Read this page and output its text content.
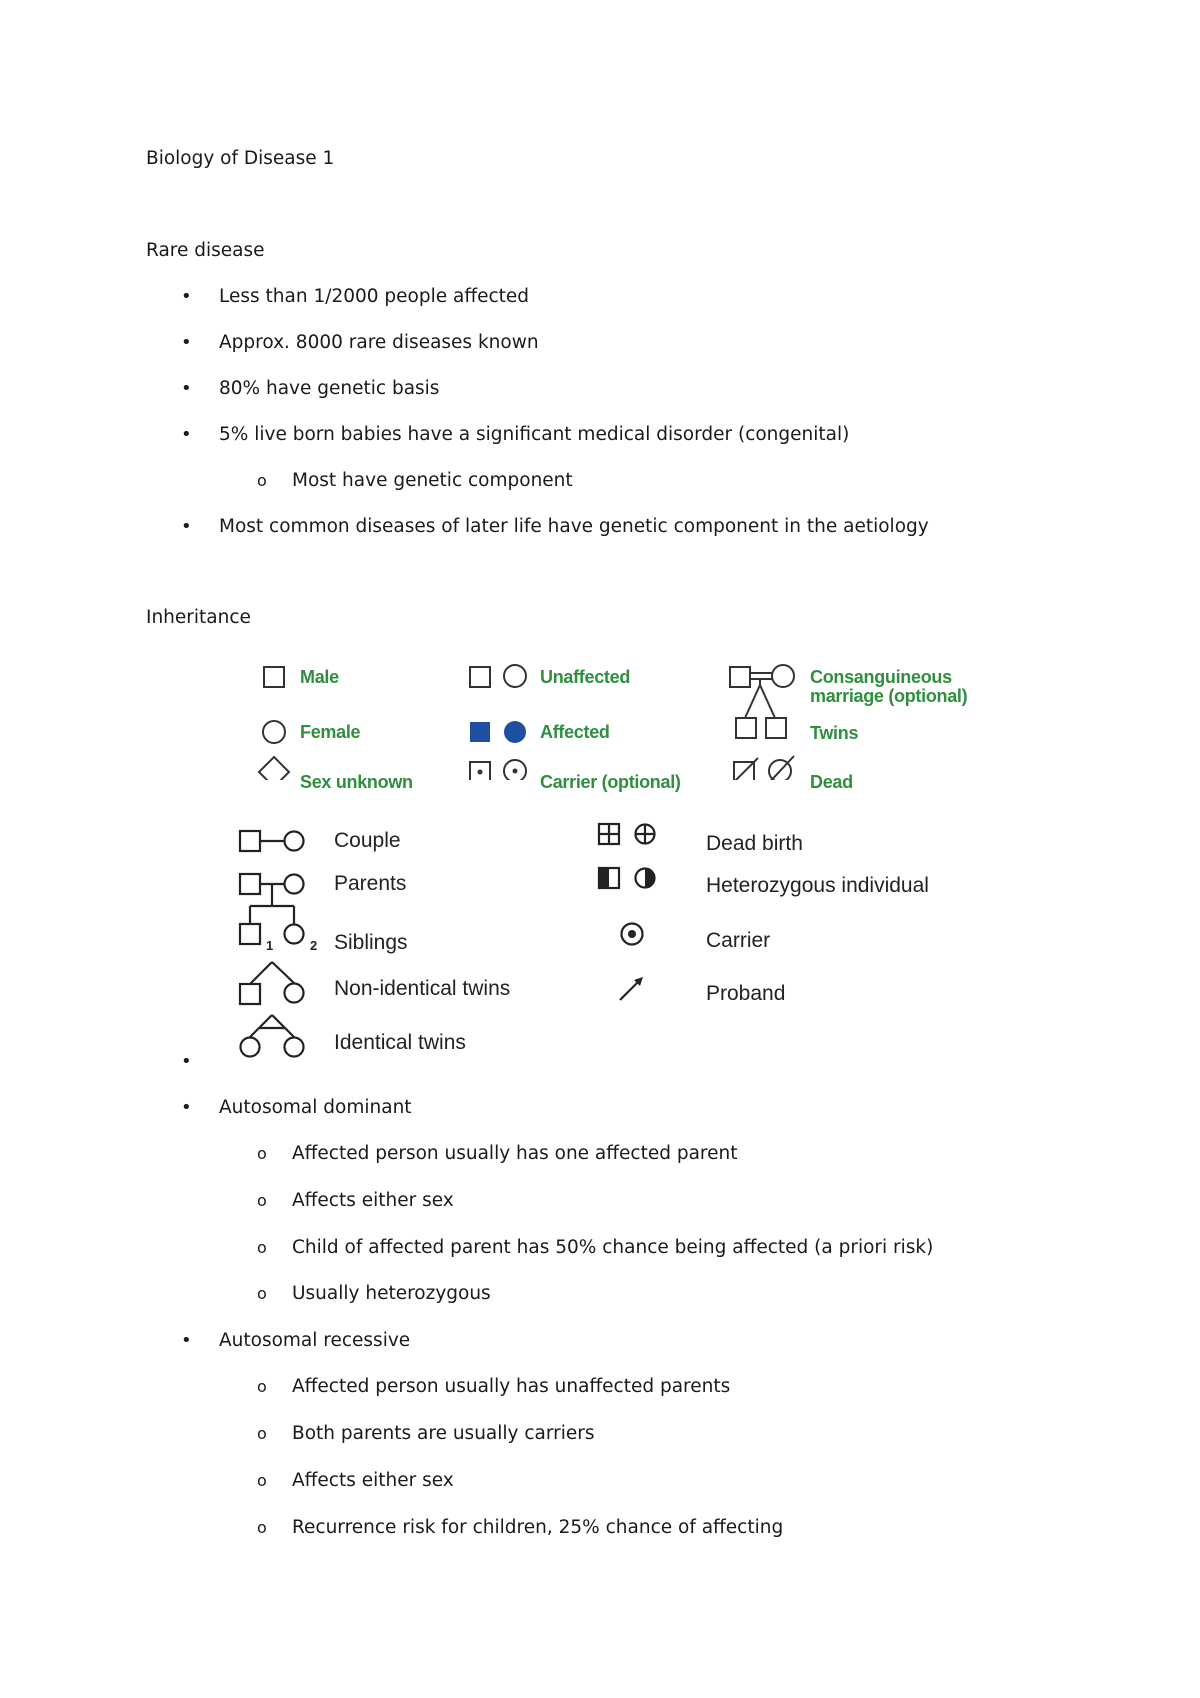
Biology of Disease 1
Rare disease
• Less than 1/2000 people affected
• Approx. 8000 rare diseases known
• 80% have genetic basis
• 5% live born babies have a significant medical disorder (congenital)
o Most have genetic component
• Most common diseases of later life have genetic component in the aetiology
Inheritance
Male
Female
Sex unknown
Unaffected
Affected
Carrier (optional)
Consanguineous
marriage (optional)
Twins
Dead
1	2
Couple
Parents
Siblings
Non-identical twins
Identical twins
Dead birth
Heterozygous individual
Carrier
Proband
•
• Autosomal dominant
o Affected person usually has one affected parent
o Affects either sex
o Child of affected parent has 50% chance being affected (a priori risk)
o Usually heterozygous
• Autosomal recessive
o Affected person usually has unaffected parents
o Both parents are usually carriers
o Affects either sex
o Recurrence risk for children, 25% chance of affecting
